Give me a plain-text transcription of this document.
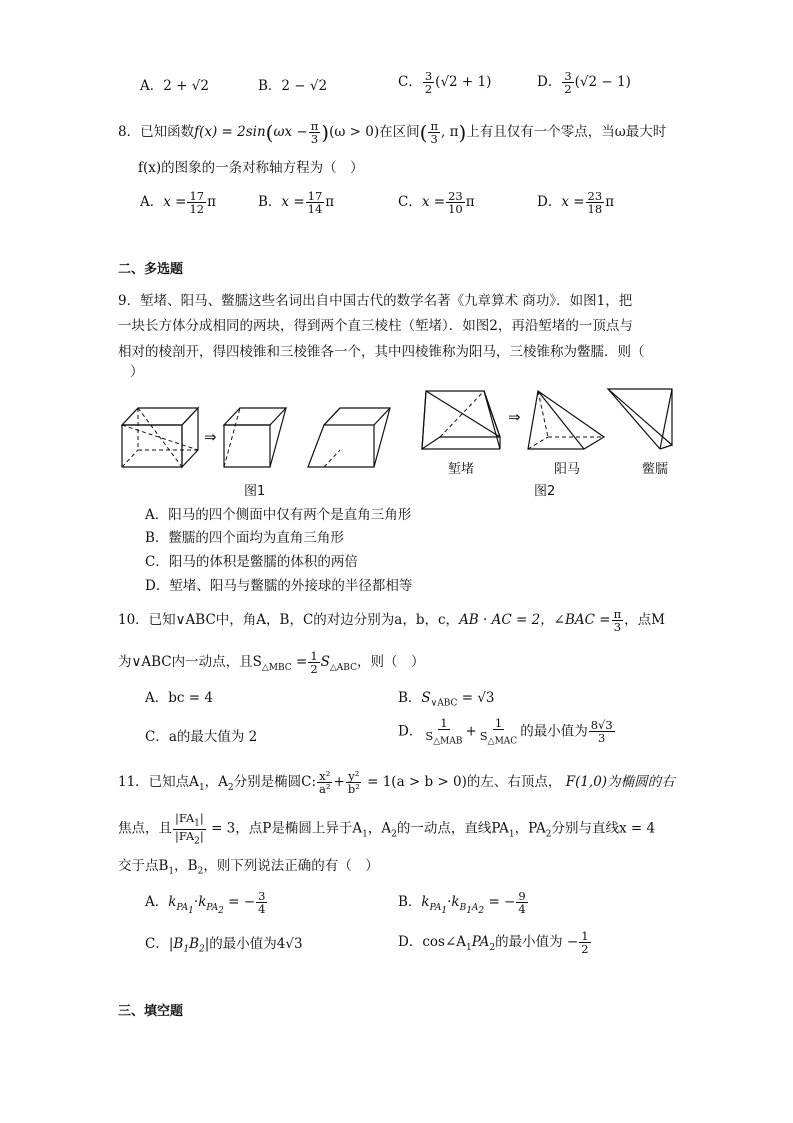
A．2 + √2	B．2 − √2	C． $\frac{3}{2} (√2 + 1)$	D． $\frac{3}{2} (√2 - 1)$
8．已知函数$f(x) = 2\sin(\omega x - \frac{\pi}{3} )(\omega > 0)$在区间( $\frac{\pi}{3}$ , π)上有且仅有一个零点，当ω最大时
f(x)的图象的一条对称轴方程为（　）
A．$x = \frac{17}{12}$ π	B．$x = \frac{17}{14}$ π	C．$x = \frac{23}{10}$ π	D．$x = \frac{23}{18}$ π
二、多选题
9．堑堵、阳马、鳖臑这些名词出自中国古代的数学名著《九章算术 商功》．如图1，把
一块长方体分成相同的两块，得到两个直三棱柱（堑堵）．如图2，再沿堑堵的一顶点与
相对的棱剖开，得四棱锥和三棱锥各一个，其中四棱锥称为阳马，三棱锥称为鳖臑．则（
）
⇒
图1
⇒
堑堵	阳马	鳖臑
图2
A．阳马的四个侧面中仅有两个是直角三角形
B．鳖臑的四个面均为直角三角形
C．阳马的体积是鳖臑的体积的两倍
D．堑堵、阳马与鳖臑的外接球的半径都相等
10．已知∨ABC中，角A，B，C的对边分别为a，b，c，AB · AC = 2，∠BAC = $\frac{\pi}{3}$ ，点M
为∨ABC内一动点，且$S_{\triangle MBC} = \frac{1}{2} S_{\triangle ABC}$，则（　）
A．bc = 4	B．$S_{\vee ABC} = √3$
C．a的最大值为 2	D． $\frac{1}{S_{\triangle MAB}} + \frac{1}{S_{\triangle MAC}}$ 的最小值为 $\frac{8√3}{3}$
11．已知点$A_1$，$A_2$分别是椭圆C: $\frac{\text{x²}}{\text{a²}} + \frac{\text{y²}}{\text{b²}} = 1(a > b > 0)$的左、右顶点， F(1,0)为椭圆的右
焦点，且 $\frac{|FA_1|}{|FA_2|} = 3$，点P是椭圆上异于$A_1$，$A_2$的一动点，直线$PA_1$，$PA_2$分别与直线x = 4
交于点$B_1$，$B_2$，则下列说法正确的有（　）
A．$k_{PA_1}\cdot k_{PA_2}$ = − $\frac{3}{4}$	B．$k_{PA_1}\cdot k_{B_1A_2}$ = − $\frac{9}{4}$
C．$|B_1B_2|$的最小值为4√3	D．$\cos\angle A_1PA_2$的最小值为 − $\frac{1}{2}$
三、填空题
